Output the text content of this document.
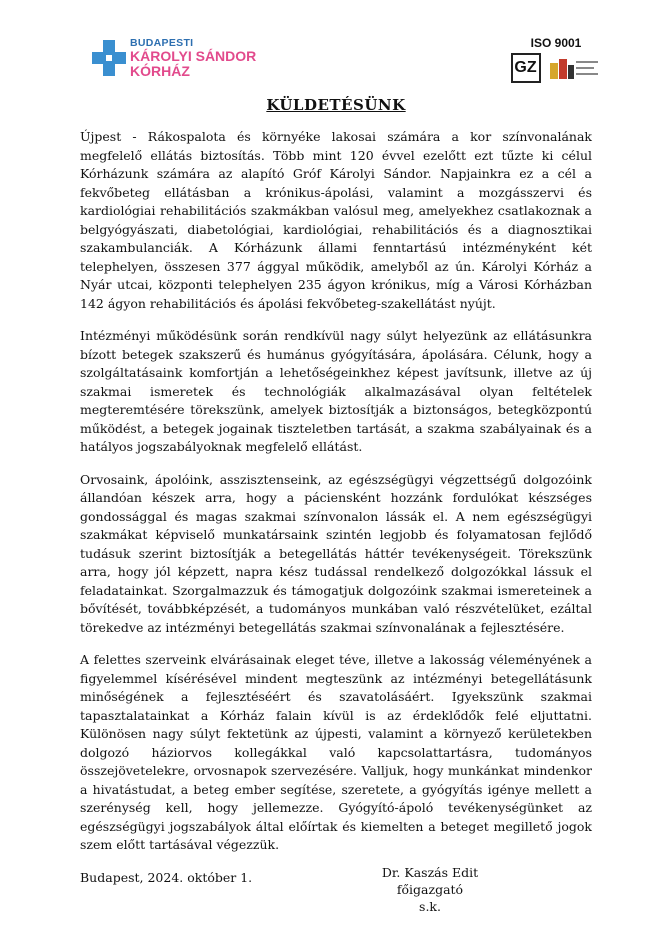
BUDAPESTI
KÁROLYI SÁNDOR
KÓRHÁZ
ISO 9001
GZ
KÜLDETÉSÜNK

Újpest - Rákospalota és környéke lakosai számára a kor színvonalának megfelelő ellátás biztosítás. Több mint 120 évvel ezelőtt ezt tűzte ki célul Kórházunk számára az alapító Gróf Károlyi Sándor. Napjainkra ez a cél a fekvőbeteg ellátásban a krónikus-ápolási, valamint a mozgásszervi és kardiológiai rehabilitációs szakmákban valósul meg, amelyekhez csatlakoznak a belgyógyászati, diabetológiai, kardiológiai, rehabilitációs és a diagnosztikai szakambulanciák. A Kórházunk állami fenntartású intézményként két telephelyen, összesen 377 ággyal működik, amelyből az ún. Károlyi Kórház a Nyár utcai, központi telephelyen 235 ágyon krónikus, míg a Városi Kórházban 142 ágyon rehabilitációs és ápolási fekvőbeteg-szakellátást nyújt.

Intézményi működésünk során rendkívül nagy súlyt helyezünk az ellátásunkra bízott betegek szakszerű és humánus gyógyítására, ápolására. Célunk, hogy a szolgáltatásaink komfortján a lehetőségeinkhez képest javítsunk, illetve az új szakmai ismeretek és technológiák alkalmazásával olyan feltételek megteremtésére törekszünk, amelyek biztosítják a biztonságos, betegközpontú működést, a betegek jogainak tiszteletben tartását, a szakma szabályainak és a hatályos jogszabályoknak megfelelő ellátást.

Orvosaink, ápolóink, asszisztenseink, az egészségügyi végzettségű dolgozóink állandóan készek arra, hogy a páciensként hozzánk fordulókat készséges gondossággal és magas szakmai színvonalon lássák el. A nem egészségügyi szakmákat képviselő munkatársaink szintén legjobb és folyamatosan fejlődő tudásuk szerint biztosítják a betegellátás háttér tevékenységeit. Törekszünk arra, hogy jól képzett, napra kész tudással rendelkező dolgozókkal lássuk el feladatainkat. Szorgalmazzuk és támogatjuk dolgozóink szakmai ismereteinek a bővítését, továbbképzését, a tudományos munkában való részvételüket, ezáltal törekedve az intézményi betegellátás szakmai színvonalának a fejlesztésére.

A felettes szerveink elvárásainak eleget téve, illetve a lakosság véleményének a figyelemmel kísérésével mindent megteszünk az intézményi betegellátásunk minőségének a fejlesztéséért és szavatolásáért. Igyekszünk szakmai tapasztalatainkat a Kórház falain kívül is az érdeklődők felé eljuttatni. Különösen nagy súlyt fektetünk az újpesti, valamint a környező kerületekben dolgozó háziorvos kollegákkal való kapcsolattartásra, tudományos összejövetelekre, orvosnapok szervezésére. Valljuk, hogy munkánkat mindenkor a hivatástudat, a beteg ember segítése, szeretete, a gyógyítás igénye mellett a szerénység kell, hogy jellemezze. Gyógyító-ápoló tevékenységünket az egészségügyi jogszabályok által előírtak és kiemelten a beteget megillető jogok szem előtt tartásával végezzük.

Budapest, 2024. október 1.	Dr. Kaszás Edit
főigazgató
s.k.
